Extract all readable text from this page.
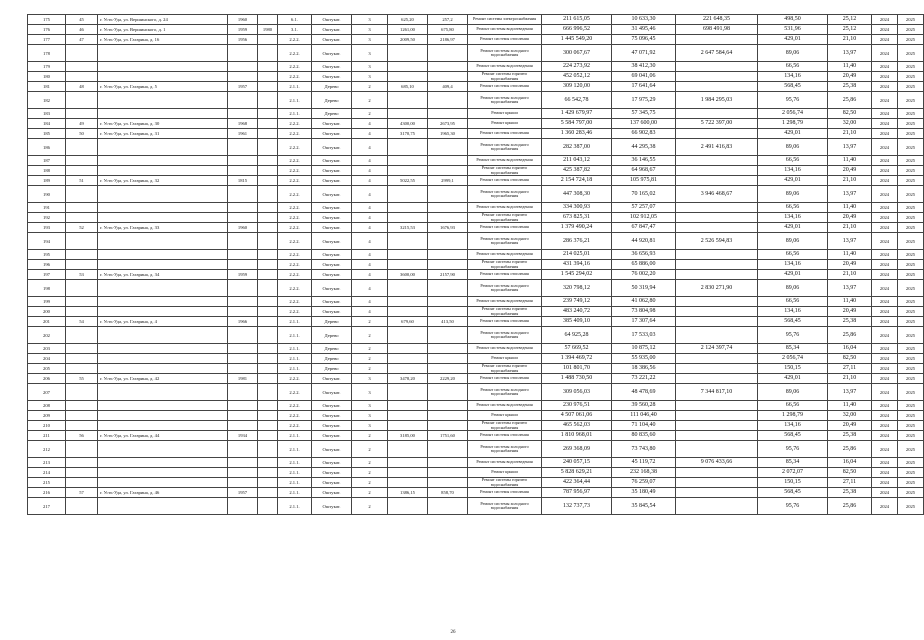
175	45	г. Усть-Уда, ул. Вершинского, д. 24	1960		6.1.	Оштукат.	3	625,20	257,2	Ремонт системы электроснабжения	211 615,05	10 633,30	221 648,35	498,50	25,12	2024	2025
176	46	г. Усть-Уда, ул. Вершинского, д. 1	1959	1980	3.1.	Оштукат.	3	1261,00	675,80	Ремонт системы водоотведения	666 996,52	31 495,46	698 491,98	531,96	25,12	2024	2025
177	47	г. Усть-Уда, ул. Гагарина, д. 16	1956		2.2.2.	Оштукат.	3	2009,50	2186,97	Ремонт системы отопления	1 445 549,20	75 096,45		429,01	21,10	2024	2025
178					2.2.2.	Оштукат.	3			Ремонт системы холодного водоснабжения	300 067,67	47 071,92	2 647 584,64	89,06	13,97	2024	2025
179					2.2.2.	Оштукат.	3			Ремонт системы водоотведения	224 273,92	38 412,30		66,56	11,40	2024	2025
180					2.2.2.	Оштукат.	3			Ремонт системы горячего водоснабжения	452 052,12	69 041,06		134,16	20,49	2024	2025
181	48	г. Усть-Уда, ул. Гагарина, д. 5	1957		2.1.1.	Дерево	2	685,10	409,4	Ремонт системы отопления	309 120,00	17 641,64		568,45	25,38	2024	2025
182					2.1.1.	Дерево	2			Ремонт системы холодного водоснабжения	66 542,78	17 975,29	1 984 295,03	95,76	25,86	2024	2025
183					2.1.1.	Дерево	2			Ремонт крыши	1 429 679,97	57 345,75		2 056,74	82,50	2024	2025
184	49	г. Усть-Уда, ул. Гагарина, д. 30	1968		2.2.2.	Оштукат.	4	4300,00	2673,95	Ремонт крыши	5 584 797,00	137 600,00	5 722 397,00	1 298,79	32,00	2024	2025
185	50	г. Усть-Уда, ул. Гагарина, д. 31	1961		2.2.2.	Оштукат.	4	3170,75	1965,30	Ремонт системы отопления	1 360 283,46	66 902,83		429,01	21,10	2024	2025
186					2.2.2.	Оштукат.	4			Ремонт системы холодного водоснабжения	282 387,00	44 295,38	2 491 416,83	89,06	13,97	2024	2025
187					2.2.2.	Оштукат.	4			Ремонт системы водоотведения	211 043,12	36 146,55		66,56	11,40	2024	2025
188					2.2.2.	Оштукат.	4			Ремонт системы горячего водоснабжения	425 387,82	64 968,67		134,16	20,49	2024	2025
189	51	г. Усть-Уда, ул. Гагарина, д. 32	1815		2.2.2.	Оштукат.	4	5022,55	2999,1	Ремонт системы отопления	2 154 724,18	105 975,81		429,01	21,10	2024	2025
190					2.2.2.	Оштукат.	4			Ремонт системы холодного водоснабжения	447 308,30	70 165,02	3 946 468,67	89,06	13,97	2024	2025
191					2.2.2.	Оштукат.	4			Ремонт системы водоотведения	334 300,93	57 257,07		66,56	11,40	2024	2025
192					2.2.2.	Оштукат.	4			Ремонт системы горячего водоснабжения	673 825,31	102 912,05		134,16	20,49	2024	2025
193	52	г. Усть-Уда, ул. Гагарина, д. 33	1960		2.2.2.	Оштукат.	4	3215,53	1676,93	Ремонт системы отопления	1 379 490,24	67 847,47		429,01	21,10	2024	2025
194					2.2.2.	Оштукат.	4			Ремонт системы холодного водоснабжения	286 376,21	44 920,81	2 526 594,83	89,06	13,97	2024	2025
195					2.2.2.	Оштукат.	4			Ремонт системы водоотведения	214 025,01	36 656,93		66,56	11,40	2024	2025
196					2.2.2.	Оштукат.	4			Ремонт системы горячего водоснабжения	431 394,16	65 886,00		134,16	20,49	2024	2025
197	53	г. Усть-Уда, ул. Гагарина, д. 34	1959		2.2.2.	Оштукат.	4	3600,00	2157,90	Ремонт системы отопления	1 545 294,02	76 002,20		429,01	21,10	2024	2025
198					2.2.2.	Оштукат.	4			Ремонт системы холодного водоснабжения	320 798,12	50 319,94	2 830 271,90	89,06	13,97	2024	2025
199					2.2.2.	Оштукат.	4			Ремонт системы водоотведения	239 749,12	41 062,80		66,56	11,40	2024	2025
200					2.2.2.	Оштукат.	4			Ремонт системы горячего водоснабжения	483 240,72	73 804,98		134,16	20,49	2024	2025
201	54	г. Усть-Уда, ул. Гагарина, д. 4	1966		2.1.1.	Дерево	2	679,60	413,50	Ремонт системы отопления	385 409,10	17 307,64		568,45	25,38	2024	2025
202					2.1.1.	Дерево	2			Ремонт системы холодного водоснабжения	64 925,28	17 533,03		95,76	25,86	2024	2025
203					2.1.1.	Дерево	2			Ремонт системы водоотведения	57 669,52	10 875,12	2 124 397,74	85,34	16,04	2024	2025
204					2.1.1.	Дерево	2			Ремонт крыши	1 394 469,72	55 935,00		2 056,74	82,50	2024	2025
205					2.1.1.	Дерево	2			Ремонт системы горячего водоснабжения	101 801,70	18 386,56		150,15	27,11	2024	2025
206	55	г. Усть-Уда, ул. Гагарина, д. 42	1981		2.2.2.	Оштукат.	3	3478,20	2229,20	Ремонт системы отопления	1 488 730,50	73 221,22		429,01	21,10	2024	2025
207					2.2.2.	Оштукат.	3			Ремонт системы холодного водоснабжения	309 056,03	48 478,69	7 344 817,10	89,06	13,97	2024	2025
208					2.2.2.	Оштукат.	3			Ремонт системы водоотведения	230 976,51	39 560,28		66,56	11,40	2024	2025
209					2.2.2.	Оштукат.	3			Ремонт крыши	4 507 061,06	111 046,40		1 298,79	32,00	2024	2025
210					2.2.2.	Оштукат.	3			Ремонт системы горячего водоснабжения	465 562,03	71 104,40		134,16	20,49	2024	2025
211	56	г. Усть-Уда, ул. Гагарина, д. 44	1934		2.1.1.	Оштукат.	2	3185,00	1751,60	Ремонт системы отопления	1 810 968,01	80 835,60		568,45	25,38	2024	2025
212					2.1.1.	Оштукат.	2			Ремонт системы холодного водоснабжения	269 368,09	73 743,80		95,76	25,86	2024	2025
213					2.1.1.	Оштукат.	2			Ремонт системы водоотведения	240 057,15	45 119,72	9 076 433,66	85,34	16,04	2024	2025
214					2.1.1.	Оштукат.	2			Ремонт крыши	5 828 629,21	232 168,38		2 072,07	82,50	2024	2025
215					2.1.1.	Оштукат.	2			Ремонт системы горячего водоснабжения	422 364,44	76 259,07		150,15	27,11	2024	2025
216	57	г. Усть-Уда, ул. Гагарина, д. 46	1957		2.1.1.	Оштукат.	2	1386,15	858,70	Ремонт системы отопления	787 956,97	35 180,49		568,45	25,38	2024	2025
217					2.1.1.	Оштукат.	2			Ремонт системы холодного водоснабжения	132 737,73	35 845,54		95,76	25,86	2024	2025
26
